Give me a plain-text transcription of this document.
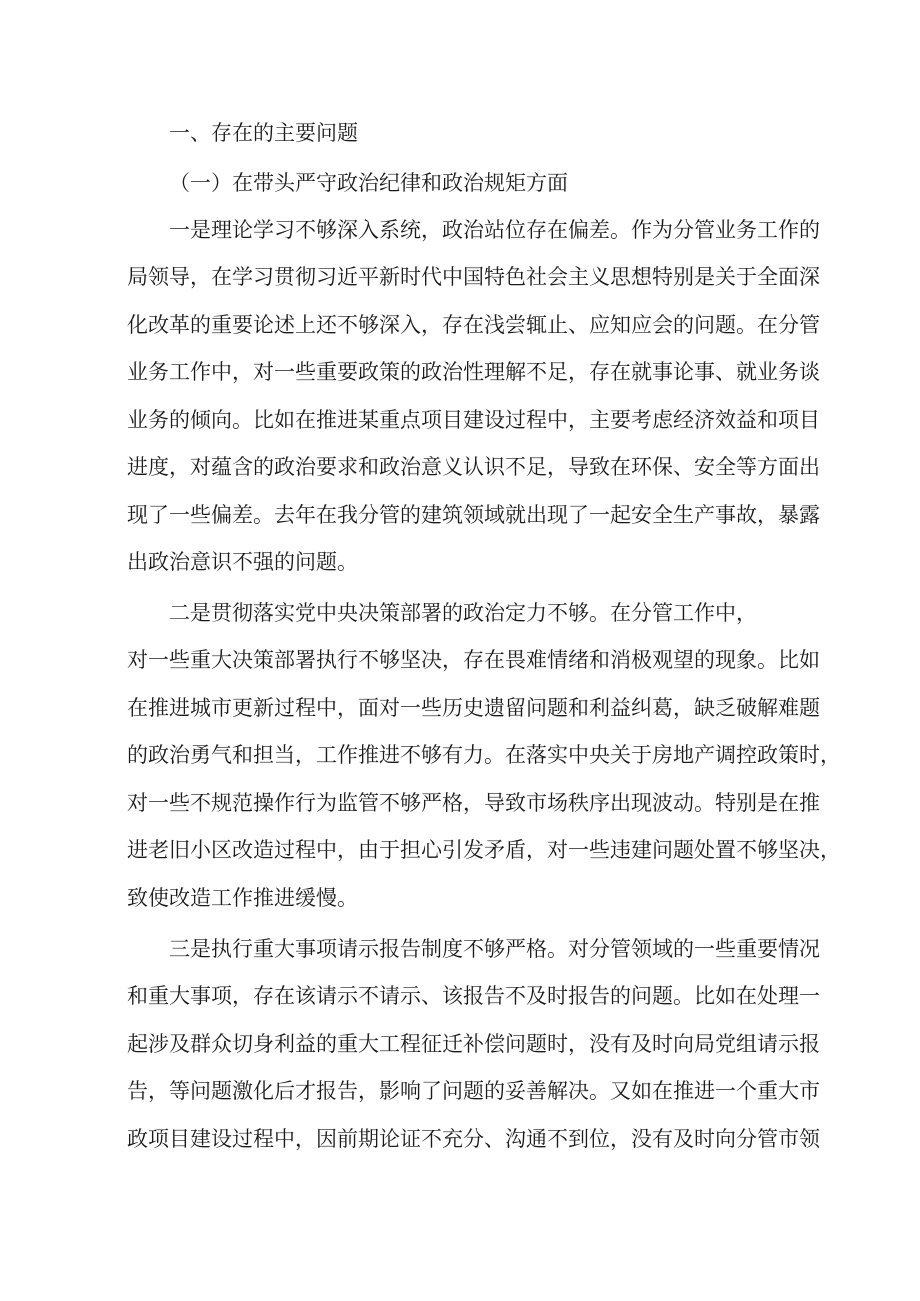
一、存在的主要问题
（一）在带头严守政治纪律和政治规矩方面
一是理论学习不够深入系统，政治站位存在偏差。作为分管业务工作的
局领导，在学习贯彻习近平新时代中国特色社会主义思想特别是关于全面深
化改革的重要论述上还不够深入，存在浅尝辄止、应知应会的问题。在分管
业务工作中，对一些重要政策的政治性理解不足，存在就事论事、就业务谈
业务的倾向。比如在推进某重点项目建设过程中，主要考虑经济效益和项目
进度，对蕴含的政治要求和政治意义认识不足，导致在环保、安全等方面出
现了一些偏差。去年在我分管的建筑领域就出现了一起安全生产事故，暴露
出政治意识不强的问题。
二是贯彻落实党中央决策部署的政治定力不够。在分管工作中，
对一些重大决策部署执行不够坚决，存在畏难情绪和消极观望的现象。比如
在推进城市更新过程中，面对一些历史遗留问题和利益纠葛，缺乏破解难题
的政治勇气和担当，工作推进不够有力。在落实中央关于房地产调控政策时，
对一些不规范操作行为监管不够严格，导致市场秩序出现波动。特别是在推
进老旧小区改造过程中，由于担心引发矛盾，对一些违建问题处置不够坚决，
致使改造工作推进缓慢。
三是执行重大事项请示报告制度不够严格。对分管领域的一些重要情况
和重大事项，存在该请示不请示、该报告不及时报告的问题。比如在处理一
起涉及群众切身利益的重大工程征迁补偿问题时，没有及时向局党组请示报
告，等问题激化后才报告，影响了问题的妥善解决。又如在推进一个重大市
政项目建设过程中，因前期论证不充分、沟通不到位，没有及时向分管市领
